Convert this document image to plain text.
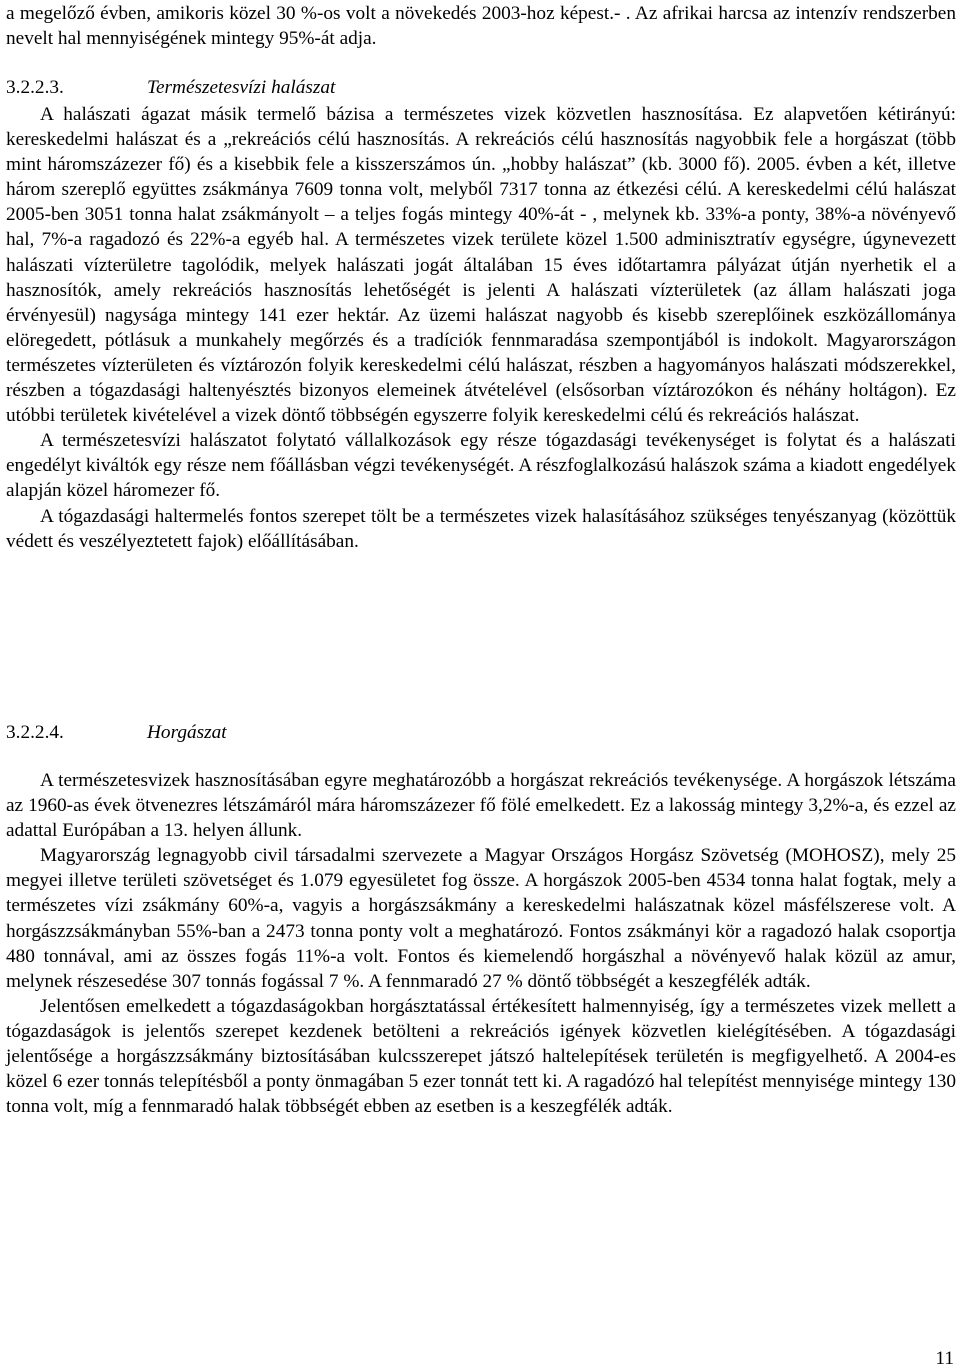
a megelőző évben, amikoris közel 30 %-os volt a növekedés 2003-hoz képest.- . Az afrikai harcsa az intenzív rendszerben nevelt hal mennyiségének mintegy 95%-át adja.

3.2.2.3.	Természetesvízi halászat

A halászati ágazat másik termelő bázisa a természetes vizek közvetlen hasznosítása. Ez alapvetően kétirányú: kereskedelmi halászat és a „rekreációs célú hasznosítás. A rekreációs célú hasznosítás nagyobbik fele a horgászat (több mint háromszázezer fő) és a kisebbik fele a kisszerszámos ún. „hobby halászat” (kb. 3000 fő). 2005. évben a két, illetve három szereplő együttes zsákmánya 7609 tonna volt, melyből 7317 tonna az étkezési célú. A kereskedelmi célú halászat 2005-ben 3051 tonna halat zsákmányolt – a teljes fogás mintegy 40%-át - , melynek kb. 33%-a ponty, 38%-a növényevő hal, 7%-a ragadozó és 22%-a egyéb hal. A természetes vizek területe közel 1.500 adminisztratív egységre, úgynevezett halászati vízterületre tagolódik, melyek halászati jogát általában 15 éves időtartamra pályázat útján nyerhetik el a hasznosítók, amely rekreációs hasznosítás lehetőségét is jelenti A halászati vízterületek (az állam halászati joga érvényesül) nagysága mintegy 141 ezer hektár. Az üzemi halászat nagyobb és kisebb szereplőinek eszközállománya elöregedett, pótlásuk a munkahely megőrzés és a tradíciók fennmaradása szempontjából is indokolt. Magyarországon természetes vízterületen és víztározón folyik kereskedelmi célú halászat, részben a hagyományos halászati módszerekkel, részben a tógazdasági haltenyésztés bizonyos elemeinek átvételével (elsősorban víztározókon és néhány holtágon). Ez utóbbi területek kivételével a vizek döntő többségén egyszerre folyik kereskedelmi célú és rekreációs halászat.

A természetesvízi halászatot folytató vállalkozások egy része tógazdasági tevékenységet is folytat és a halászati engedélyt kiváltók egy része nem főállásban végzi tevékenységét. A részfoglalkozású halászok száma a kiadott engedélyek alapján közel háromezer fő.

A tógazdasági haltermelés fontos szerepet tölt be a természetes vizek halasításához szükséges tenyészanyag (közöttük védett és veszélyeztetett fajok) előállításában.

3.2.2.4.	Horgászat

A természetesvizek hasznosításában egyre meghatározóbb a horgászat rekreációs tevékenysége. A horgászok létszáma az 1960-as évek ötvenezres létszámáról mára háromszázezer fő fölé emelkedett. Ez a lakosság mintegy 3,2%-a, és ezzel az adattal Európában a 13. helyen állunk.

Magyarország legnagyobb civil társadalmi szervezete a Magyar Országos Horgász Szövetség (MOHOSZ), mely 25 megyei illetve területi szövetséget és 1.079 egyesületet fog össze. A horgászok 2005-ben 4534 tonna halat fogtak, mely a természetes vízi zsákmány 60%-a, vagyis a horgászsákmány a kereskedelmi halászatnak közel másfélszerese volt. A horgászzsákmányban 55%-ban a 2473 tonna ponty volt a meghatározó. Fontos zsákmányi kör a ragadozó halak csoportja 480 tonnával, ami az összes fogás 11%-a volt. Fontos és kiemelendő horgászhal a növényevő halak közül az amur, melynek részesedése 307 tonnás fogással 7 %. A fennmaradó 27 % döntő többségét a keszegfélék adták.

Jelentősen emelkedett a tógazdaságokban horgásztatással értékesített halmennyiség, így a természetes vizek mellett a tógazdaságok is jelentős szerepet kezdenek betölteni a rekreációs igények közvetlen kielégítésében. A tógazdasági jelentősége a horgászzsákmány biztosításában kulcsszerepet játszó haltelepítések területén is megfigyelhető. A 2004-es közel 6 ezer tonnás telepítésből a ponty önmagában 5 ezer tonnát tett ki. A ragadózó hal telepítést mennyisége mintegy 130 tonna volt, míg a fennmaradó halak többségét ebben az esetben is a keszegfélék adták.

11
